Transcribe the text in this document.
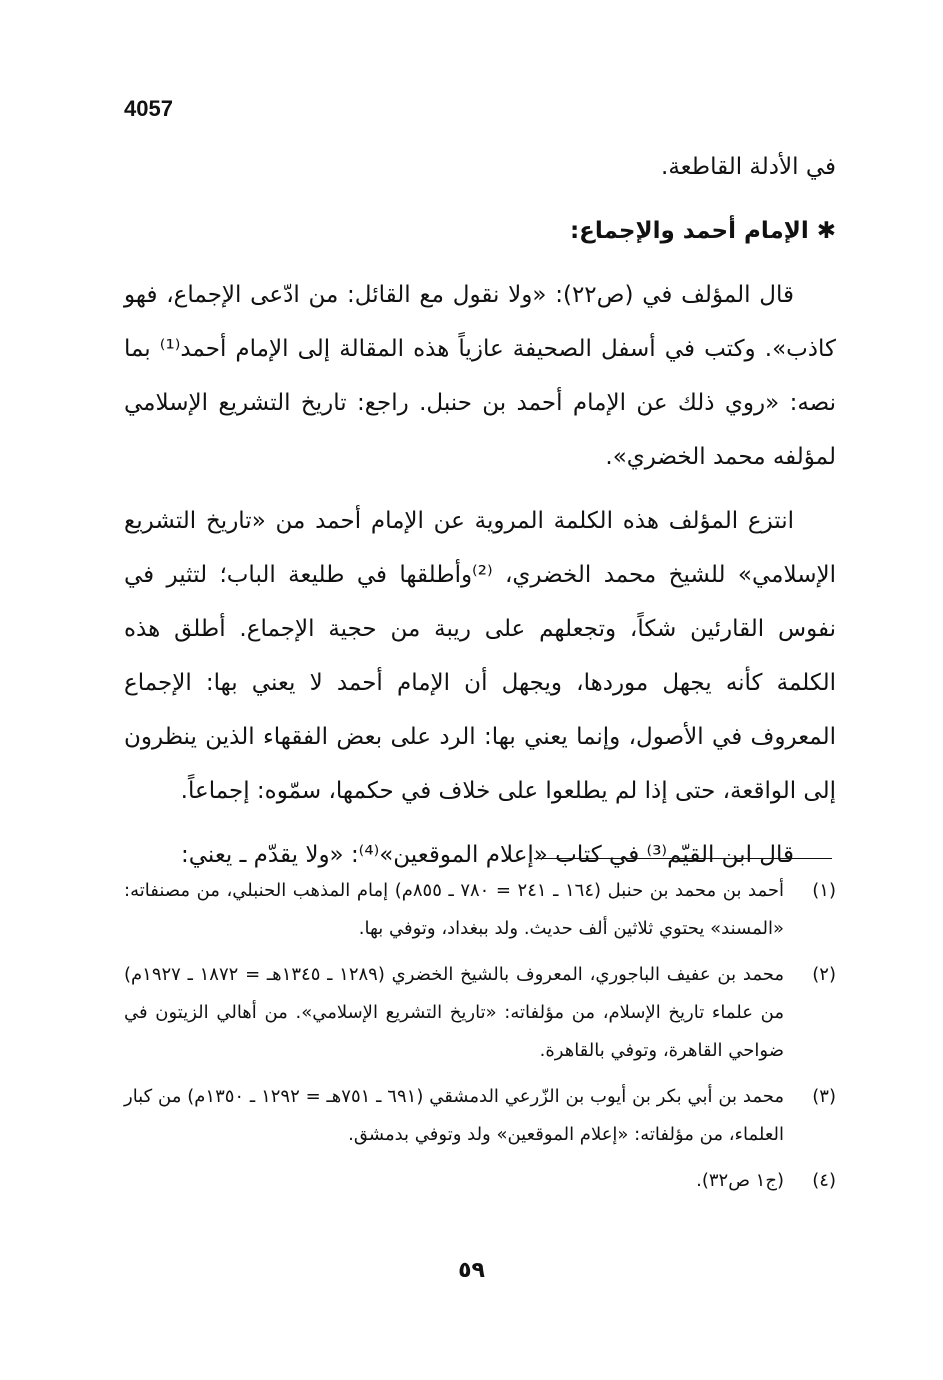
4057

في الأدلة القاطعة.

✱الإمام أحمد والإجماع:

قال المؤلف في (ص٢٢): «ولا نقول مع القائل: من ادّعى الإجماع، فهو كاذب». وكتب في أسفل الصحيفة عازياً هذه المقالة إلى الإمام أحمد⁽¹⁾ بما نصه: «روي ذلك عن الإمام أحمد بن حنبل. راجع: تاريخ التشريع الإسلامي لمؤلفه محمد الخضري».

انتزع المؤلف هذه الكلمة المروية عن الإمام أحمد من «تاريخ التشريع الإسلامي» للشيخ محمد الخضري، ⁽²⁾وأطلقها في طليعة الباب؛ لتثير في نفوس القارئين شكاً، وتجعلهم على ريبة من حجية الإجماع. أطلق هذه الكلمة كأنه يجهل موردها، ويجهل أن الإمام أحمد لا يعني بها: الإجماع المعروف في الأصول، وإنما يعني بها: الرد على بعض الفقهاء الذين ينظرون إلى الواقعة، حتى إذا لم يطلعوا على خلاف في حكمها، سمّوه: إجماعاً.

قال ابن القيّم⁽³⁾ في كتاب «إعلام الموقعين»⁽⁴⁾: «ولا يقدّم ـ يعني:

(١)
أحمد بن محمد بن حنبل (١٦٤ ـ ٢٤١ = ٧٨٠ ـ ٨٥٥م) إمام المذهب الحنبلي، من مصنفاته: «المسند» يحتوي ثلاثين ألف حديث. ولد ببغداد، وتوفي بها.
(٢)
محمد بن عفيف الباجوري، المعروف بالشيخ الخضري (١٢٨٩ ـ ١٣٤٥هـ = ١٨٧٢ ـ ١٩٢٧م) من علماء تاريخ الإسلام، من مؤلفاته: «تاريخ التشريع الإسلامي». من أهالي الزيتون في ضواحي القاهرة، وتوفي بالقاهرة.
(٣)
محمد بن أبي بكر بن أيوب بن الزّرعي الدمشقي (٦٩١ ـ ٧٥١هـ = ١٢٩٢ ـ ١٣٥٠م) من كبار العلماء، من مؤلفاته: «إعلام الموقعين» ولد وتوفي بدمشق.
(٤)
(ج١ ص٣٢).
٥٩
